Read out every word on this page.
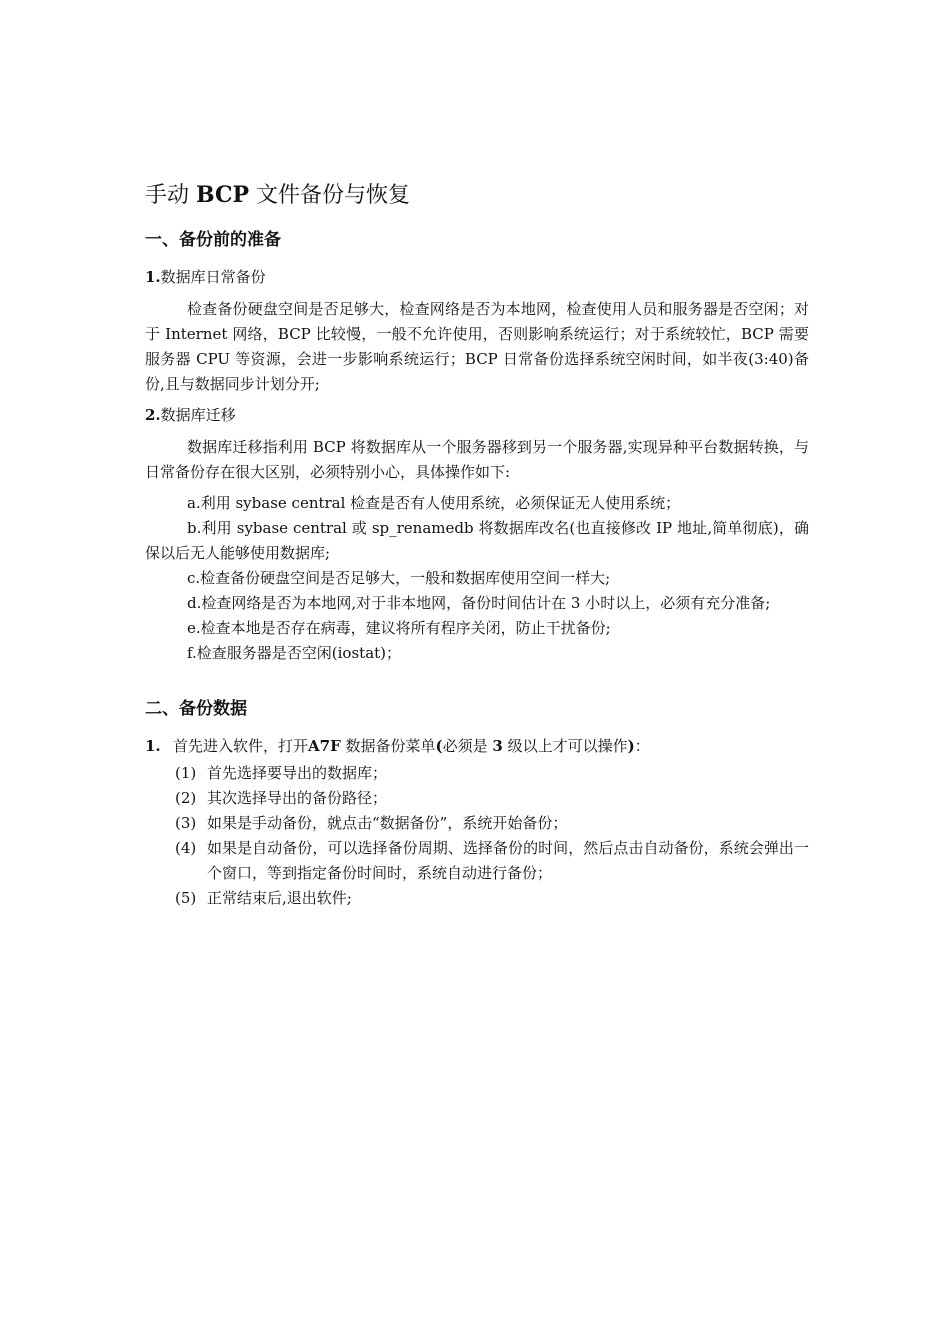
手动 BCP 文件备份与恢复
一、备份前的准备
1.数据库日常备份

检查备份硬盘空间是否足够大，检查网络是否为本地网，检查使用人员和服务器是否空闲；对于 Internet 网络，BCP 比较慢，一般不允许使用，否则影响系统运行；对于系统较忙，BCP 需要服务器 CPU 等资源，会进一步影响系统运行；BCP 日常备份选择系统空闲时间，如半夜(3:40)备份,且与数据同步计划分开;

2.数据库迁移

数据库迁移指利用 BCP 将数据库从一个服务器移到另一个服务器,实现异种平台数据转换，与日常备份存在很大区别，必须特别小心，具体操作如下:

a.利用 sybase central 检查是否有人使用系统，必须保证无人使用系统；

b.利用 sybase central 或 sp_renamedb 将数据库改名(也直接修改 IP 地址,简单彻底)，确保以后无人能够使用数据库;

c.检查备份硬盘空间是否足够大，一般和数据库使用空间一样大;

d.检查网络是否为本地网,对于非本地网，备份时间估计在 3 小时以上，必须有充分准备;

e.检查本地是否存在病毒，建议将所有程序关闭，防止干扰备份;

f.检查服务器是否空闲(iostat)；

二、备份数据
1. 首先进入软件，打开A7F 数据备份菜单(必须是 3 级以上才可以操作)：
(1) 首先选择要导出的数据库；
(2) 其次选择导出的备份路径；
(3) 如果是手动备份，就点击“数据备份”，系统开始备份；
(4) 如果是自动备份，可以选择备份周期、选择备份的时间，然后点击自动备份，系统会弹出一个窗口，等到指定备份时间时，系统自动进行备份；
(5) 正常结束后,退出软件;
